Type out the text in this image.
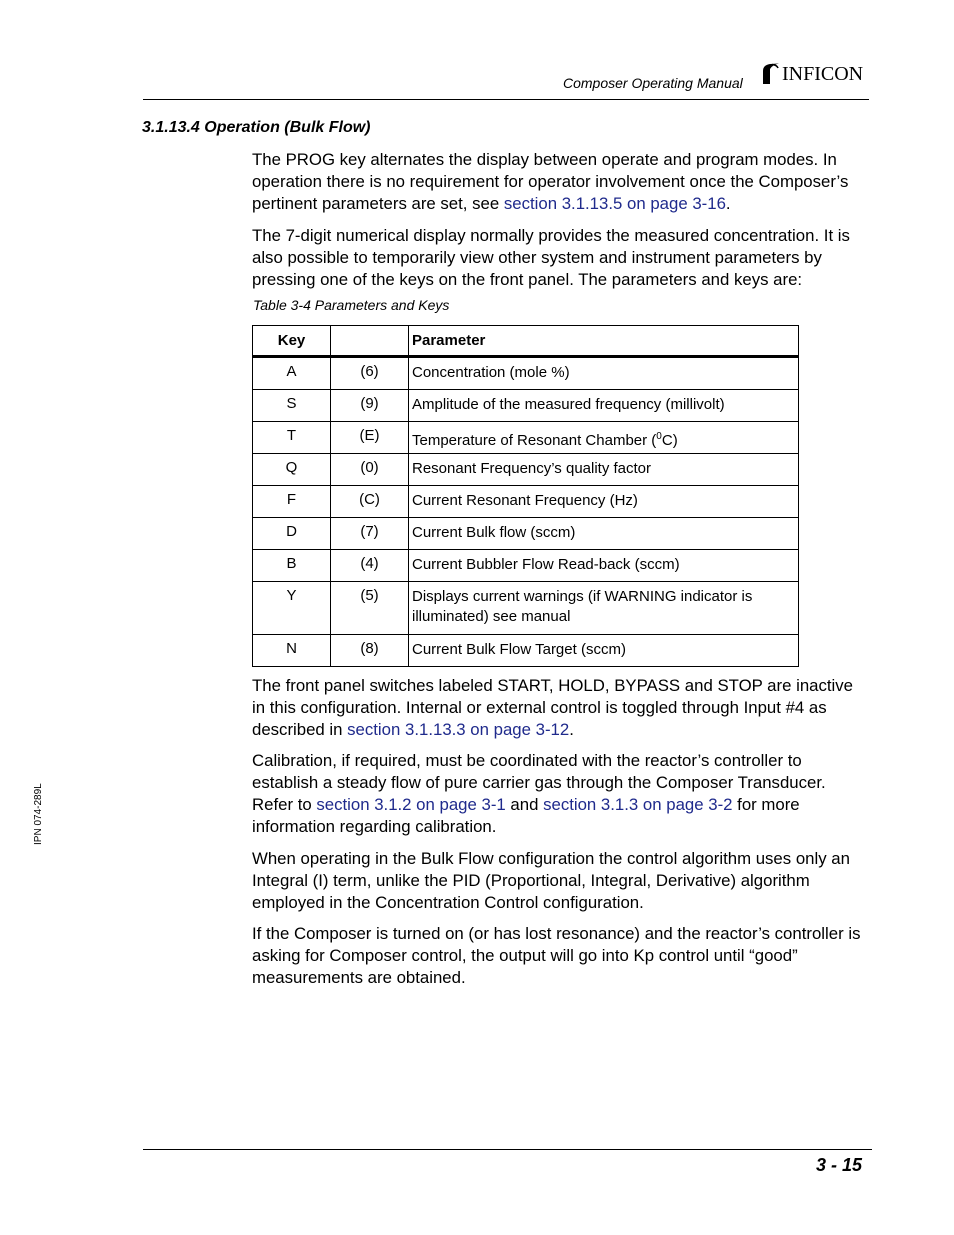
Composer Operating Manual INFICON
3.1.13.4 Operation (Bulk Flow)

The PROG key alternates the display between operate and program modes. In operation there is no requirement for operator involvement once the Composer’s pertinent parameters are set, see section 3.1.13.5 on page 3-16.

The 7-digit numerical display normally provides the measured concentration. It is also possible to temporarily view other system and instrument parameters by pressing one of the keys on the front panel. The parameters and keys are:

Table 3-4 Parameters and Keys
Key		Parameter
A	(6)	Concentration (mole %)
S	(9)	Amplitude of the measured frequency (millivolt)
T	(E)	Temperature of Resonant Chamber ($^0$C)
Q	(0)	Resonant Frequency’s quality factor
F	(C)	Current Resonant Frequency (Hz)
D	(7)	Current Bulk flow (sccm)
B	(4)	Current Bubbler Flow Read-back (sccm)
Y	(5)	Displays current warnings (if WARNING indicator is illuminated) see manual
N	(8)	Current Bulk Flow Target (sccm)

The front panel switches labeled START, HOLD, BYPASS and STOP are inactive in this configuration. Internal or external control is toggled through Input #4 as described in section 3.1.13.3 on page 3-12.

Calibration, if required, must be coordinated with the reactor’s controller to establish a steady flow of pure carrier gas through the Composer Transducer. Refer to section 3.1.2 on page 3-1 and section 3.1.3 on page 3-2 for more information regarding calibration.

When operating in the Bulk Flow configuration the control algorithm uses only an Integral (I) term, unlike the PID (Proportional, Integral, Derivative) algorithm employed in the Concentration Control configuration.

If the Composer is turned on (or has lost resonance) and the reactor’s controller is asking for Composer control, the output will go into Kp control until “good” measurements are obtained.

IPN 074-289L
3 - 15
